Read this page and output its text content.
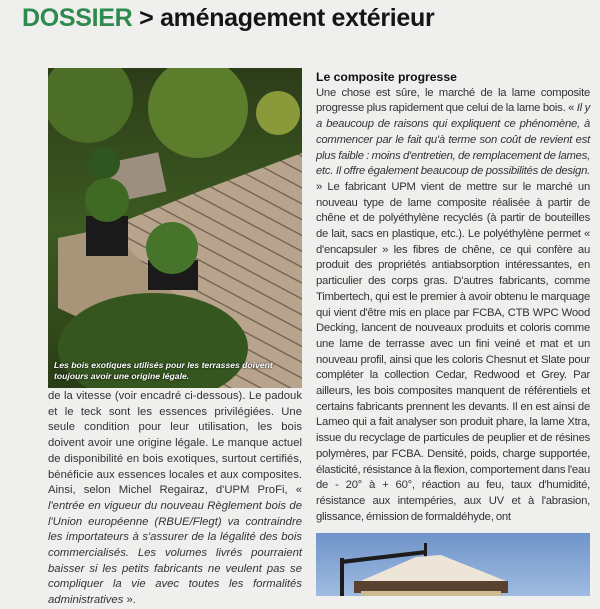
DOSSIER > aménagement extérieur
Les bois exotiques utilisés pour les terrasses doivent toujours avoir une origine légale.
de la vitesse (voir encadré ci-dessous). Le padouk et le teck sont les essences privilégiées. Une seule condition pour leur utilisation, les bois doivent avoir une origine légale. Le manque actuel de disponibilité en bois exotiques, surtout certifiés, bénéficie aux essences locales et aux composites. Ainsi, selon Michel Regairaz, d'UPM ProFi, « l'entrée en vigueur du nouveau Règlement bois de l'Union européenne (RBUE/Flegt) va contraindre les importateurs à s'assurer de la légalité des bois commercialisés. Les volumes livrés pourraient baisser si les petits fabricants ne veulent pas se compliquer la vie avec toutes les formalités administratives ».
Le composite progresse
Une chose est sûre, le marché de la lame composite progresse plus rapidement que celui de la lame bois. « Il y a beaucoup de raisons qui expliquent ce phénomène, à commencer par le fait qu'à terme son coût de revient est plus faible : moins d'entretien, de remplacement de lames, etc. Il offre également beaucoup de possibilités de design. » Le fabricant UPM vient de mettre sur le marché un nouveau type de lame composite réalisée à partir de chêne et de polyéthylène recyclés (à partir de bouteilles de lait, sacs en plastique, etc.). Le polyéthylène permet « d'encapsuler » les fibres de chêne, ce qui confère au produit des propriétés antiabsorption intéressantes, en particulier des corps gras. D'autres fabricants, comme Timbertech, qui est le premier à avoir obtenu le marquage qui vient d'être mis en place par FCBA, CTB WPC Wood Decking, lancent de nouveaux produits et coloris comme une lame de terrasse avec un fini veiné et mat et un nouveau profil, ainsi que les coloris Chesnut et Slate pour compléter la collection Cedar, Redwood et Grey. Par ailleurs, les bois composites manquent de référentiels et certains fabricants prennent les devants. Il en est ainsi de Lameo qui a fait analyser son produit phare, la lame Xtra, issue du recyclage de particules de peuplier et de résines polymères, par FCBA. Densité, poids, charge supportée, élasticité, résistance à la flexion, comportement dans l'eau de - 20° à + 60°, réaction au feu, taux d'humidité, résistance aux intempéries, aux UV et à l'abrasion, glissance, émission de formaldéhyde, ont
